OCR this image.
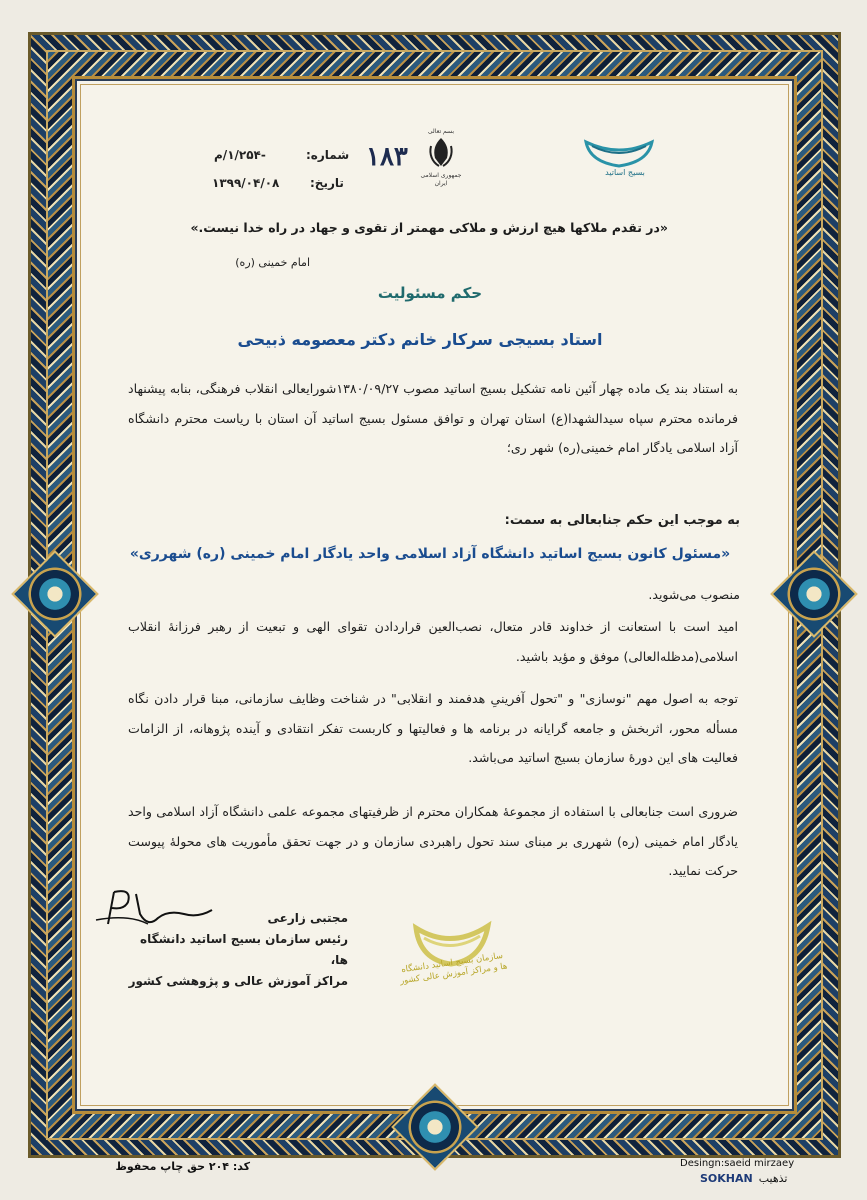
بسیج اساتید
بسم تعالی
جمهوری اسلامی ایران
۱۸۳
شماره:
-۱/۲۵۴/م
تاریخ:
۱۳۹۹/۰۴/۰۸
«در تقدم ملاکها هیچ ارزش و ملاکی مهمتر از تقوی و جهاد در راه خدا نیست.»
امام خمینی (ره)
حکم مسئولیت
استاد بسیجی سرکار خانم دکتر معصومه ذبیحی
به استناد بند یک ماده چهار آئین نامه تشکیل بسیج اساتید مصوب ۱۳۸۰/۰۹/۲۷شورایعالی انقلاب فرهنگی، بنابه پیشنهاد فرمانده محترم سپاه سیدالشهدا(ع) استان تهران و توافق مسئول بسیج اساتید آن استان با ریاست محترم دانشگاه آزاد اسلامی یادگار امام خمینی(ره) شهر ری؛
به موجب این حکم جنابعالی به سمت:
«مسئول کانون بسیج اساتید دانشگاه آزاد اسلامی واحد یادگار امام خمینی (ره) شهرری»
منصوب می‌شوید.
امید است با استعانت از خداوند قادر متعال، نصب‌العین قراردادن تقوای الهی و تبعیت از رهبر فرزانهٔ انقلاب اسلامی(مدظله‌العالی) موفق و مؤید باشید.
توجه به اصول مهم "نوسازی" و "تحول آفرینیِ هدفمند و انقلابی" در شناخت وظایف سازمانی، مبنا قرار دادن نگاه مسأله محور، اثربخش و جامعه گرایانه در برنامه ها و فعالیتها و کاربست تفکر انتقادی و آینده پژوهانه، از الزامات فعالیت های این دورهٔ سازمان بسیج اساتید می‌باشد.
ضروری است جنابعالی با استفاده از مجموعهٔ همکاران محترم از ظرفیتهای مجموعه علمی دانشگاه آزاد اسلامی واحد یادگار امام خمینی (ره) شهرری بر مبنای سند تحول راهبردی سازمان و در جهت تحقق مأموریت های محولهٔ پیوست حرکت نمایید.
مجتبی زارعی
رئیس سازمان بسیج اساتید دانشگاه ها،
مراکز آموزش عالی و پژوهشی کشور
سازمان بسیج اساتید دانشگاه ها و مراکز آموزش عالی کشور
کد: ۲۰۴ حق چاپ محفوظ	Desingn:saeid mirzaey
SOKHAN تذهیب
